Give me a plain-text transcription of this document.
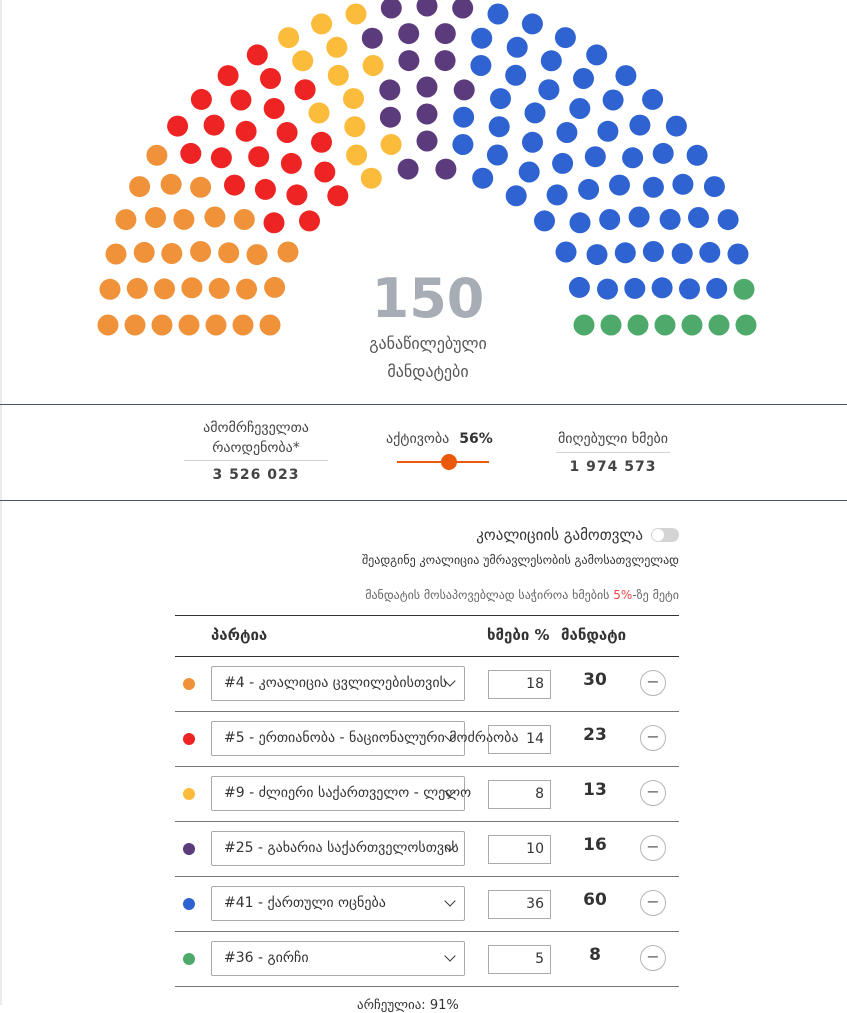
150
განაწილებული
მანდატები
ამომრჩეველთა
რაოდენობა*
3 526 023
აქტივობა 56%	მიღებული ხმები
1 974 573
კოალიციის გამოთვლა
შეადგინე კოალიცია უმრავლესობის გამოსათვლელად
მანდატის მოსაპოვებლად საჭიროა ხმების 5%-ზე მეტი
პარტია	ხმები % მანდატი
#4 - კოალიცია ცვლილებისთვის	18	30	−
#5 - ერთიანობა - ნაციონალური მოძრაობა 14	23	−
#9 - ძლიერი საქართველო - ლელო	8	13	−
#25 - გახარია საქართველოსთვის	10	16	−
#41 - ქართული ოცნება	36	60	−
#36 - გირჩი	5	8	−
არჩეულია: 91%
